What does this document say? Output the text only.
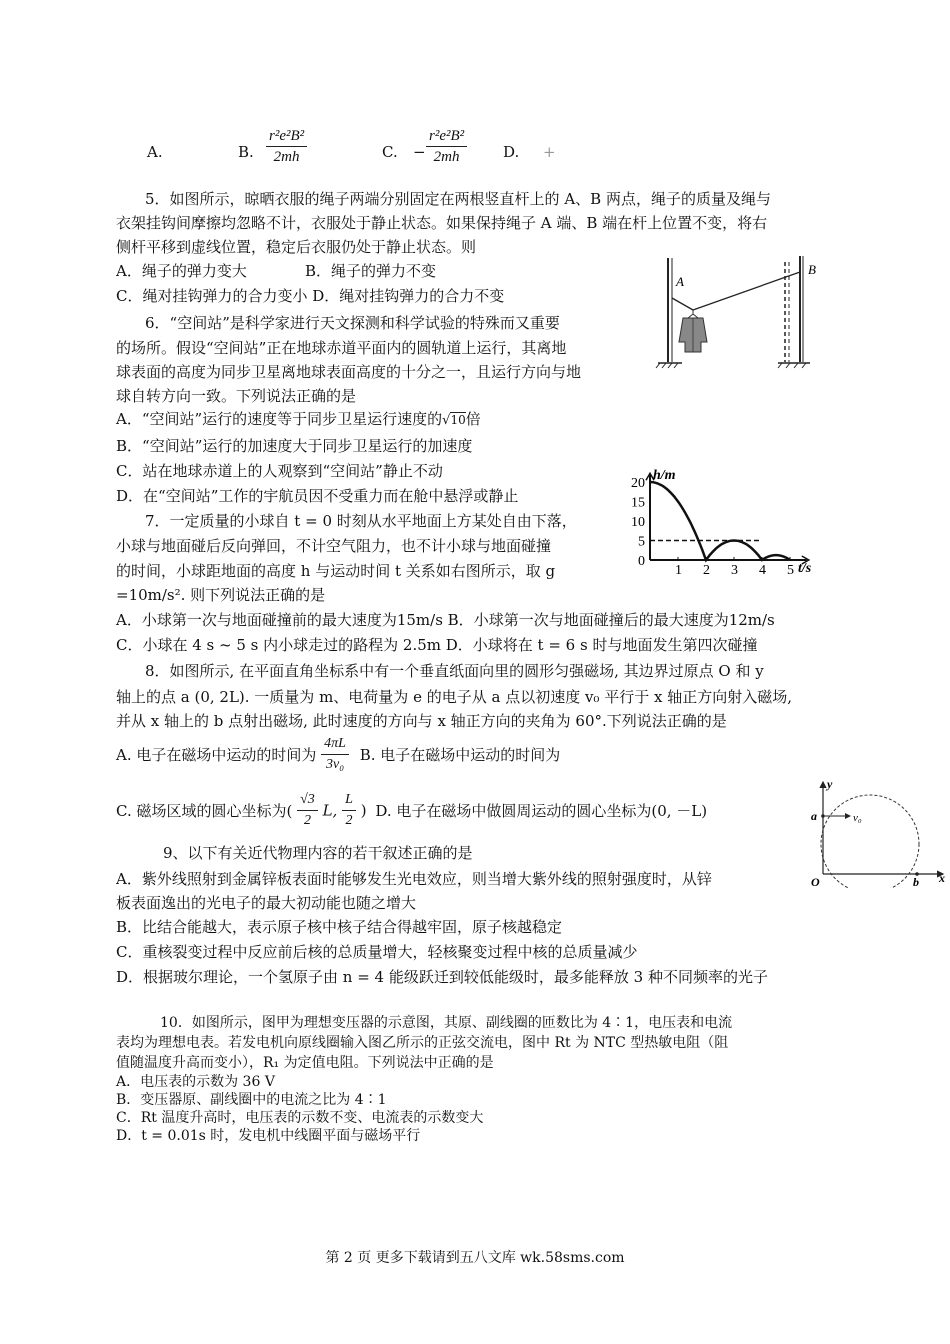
A.	B. $\frac{\text{r²e²B²}}{2mh}$	C. − $\frac{\text{r²e²B²}}{2mh} D$. +
5．如图所示，晾晒衣服的绳子两端分别固定在两根竖直杆上的 A、B 两点，绳子的质量及绳与
衣架挂钩间摩擦均忽略不计，衣服处于静止状态。如果保持绳子 A 端、B 端在杆上位置不变，将右
侧杆平移到虚线位置，稳定后衣服仍处于静止状态。则
A．绳子的弹力变大	B．绳子的弹力不变
C．绳对挂钩弹力的合力变小 D．绳对挂钩弹力的合力不变
A
B
6．“空间站”是科学家进行天文探测和科学试验的特殊而又重要
的场所。假设“空间站”正在地球赤道平面内的圆轨道上运行，其离地
球表面的高度为同步卫星离地球表面高度的十分之一，且运行方向与地
球自转方向一致。下列说法正确的是
A．“空间站”运行的速度等于同步卫星运行速度的√10倍
B．“空间站”运行的加速度大于同步卫星运行的加速度
C．站在地球赤道上的人观察到“空间站”静止不动
D．在“空间站”工作的宇航员因不受重力而在舱中悬浮或静止
7．一定质量的小球自 t = 0 时刻从水平地面上方某处自由下落，
小球与地面碰后反向弹回，不计空气阻力，也不计小球与地面碰撞
的时间，小球距地面的高度 h 与运动时间 t 关系如右图所示，取 g
=10m/s². 则下列说法正确的是
A．小球第一次与地面碰撞前的最大速度为15m/s B．小球第一次与地面碰撞后的最大速度为12m/s
C．小球在 4 s ~ 5 s 内小球走过的路程为 2.5m D．小球将在 t = 6 s 时与地面发生第四次碰撞
1 2 3 4 5
20
15
10
5
0
h/m
t/s
8．如图所示, 在平面直角坐标系中有一个垂直纸面向里的圆形匀强磁场, 其边界过原点 O 和 y
轴上的点 a (0, 2L). 一质量为 m、电荷量为 e 的电子从 a 点以初速度 v₀ 平行于 x 轴正方向射入磁场,
并从 x 轴上的 b 点射出磁场, 此时速度的方向与 x 轴正方向的夹角为 60°.下列说法正确的是
A. 电子在磁场中运动的时间为 $\frac{4\pi L}{\text{3v₀}} B$. 电子在磁场中运动的时间为
C. 磁场区域的圆心坐标为( $\frac{√3}{2} L$, $\frac{L}{2}$ ) D. 电子在磁场中做圆周运动的圆心坐标为(0, －L)
y
a	v₀
O	b x
9、以下有关近代物理内容的若干叙述正确的是
A．紫外线照射到金属锌板表面时能够发生光电效应，则当增大紫外线的照射强度时，从锌
板表面逸出的光电子的最大初动能也随之增大
B．比结合能越大，表示原子核中核子结合得越牢固，原子核越稳定
C．重核裂变过程中反应前后核的总质量增大，轻核聚变过程中核的总质量减少
D．根据玻尔理论，一个氢原子由 n = 4 能级跃迁到较低能级时，最多能释放 3 种不同频率的光子
10．如图所示，图甲为理想变压器的示意图，其原、副线圈的匝数比为 4∶1，电压表和电流
表均为理想电表。若发电机向原线圈输入图乙所示的正弦交流电，图中 Rt 为 NTC 型热敏电阻（阻
值随温度升高而变小），R₁ 为定值电阻。下列说法中正确的是
A．电压表的示数为 36 V
B．变压器原、副线圈中的电流之比为 4∶1
C．Rt 温度升高时，电压表的示数不变、电流表的示数变大
D．t = 0.01s 时，发电机中线圈平面与磁场平行
第 2 页 更多下载请到五八文库 wk.58sms.com
